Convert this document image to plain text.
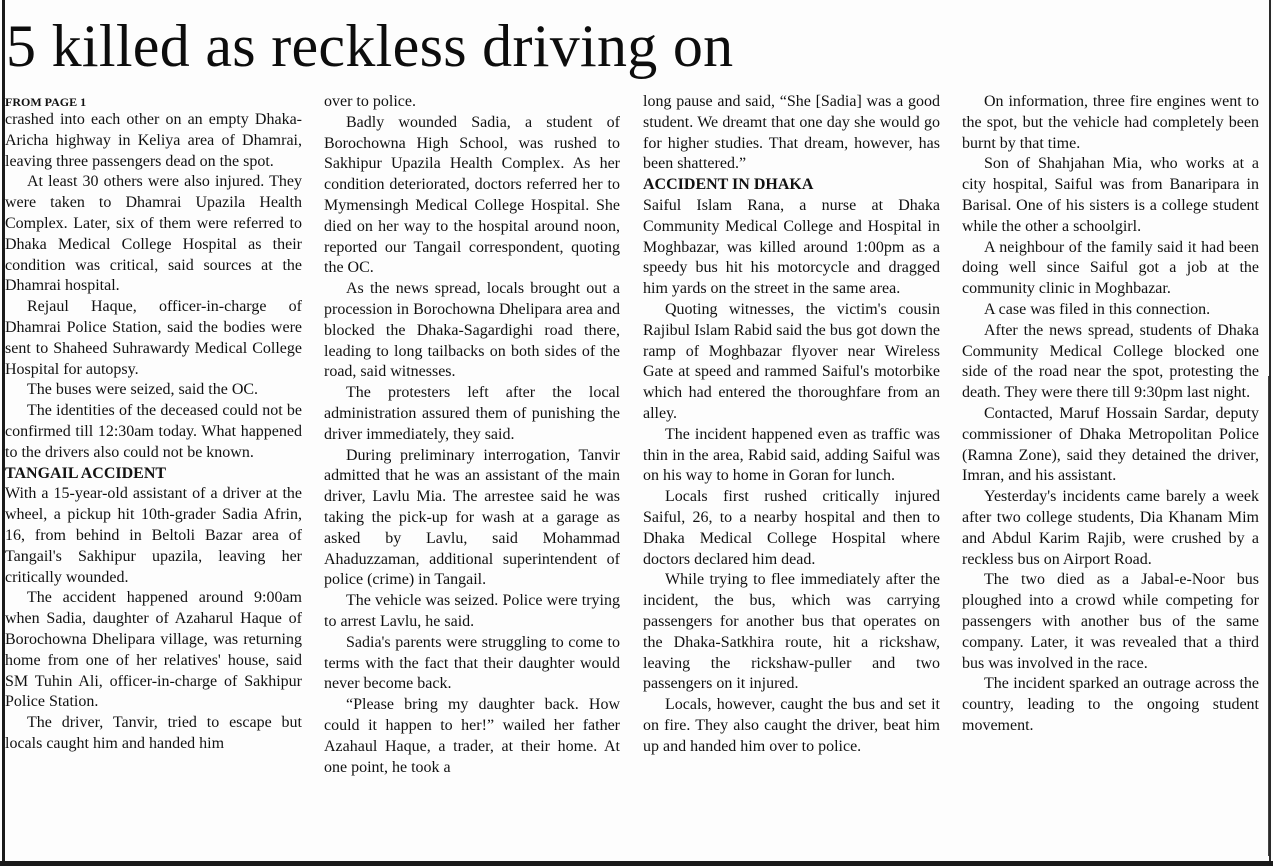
5 killed as reckless driving on
FROM PAGE 1

crashed into each other on an empty Dhaka-Aricha highway in Keliya area of Dhamrai, leaving three passengers dead on the spot.

At least 30 others were also injured. They were taken to Dhamrai Upazila Health Complex. Later, six of them were referred to Dhaka Medical College Hospital as their condition was critical, said sources at the Dhamrai hospital.

Rejaul Haque, officer-in-charge of Dhamrai Police Station, said the bodies were sent to Shaheed Suhrawardy Medical College Hospital for autopsy.

The buses were seized, said the OC.

The identities of the deceased could not be confirmed till 12:30am today. What happened to the drivers also could not be known.

TANGAIL ACCIDENT

With a 15-year-old assistant of a driver at the wheel, a pickup hit 10th-grader Sadia Afrin, 16, from behind in Beltoli Bazar area of Tangail's Sakhipur upazila, leaving her critically wounded.

The accident happened around 9:00am when Sadia, daughter of Azaharul Haque of Borochowna Dhelipara village, was returning home from one of her relatives' house, said SM Tuhin Ali, officer-in-charge of Sakhipur Police Station.

The driver, Tanvir, tried to escape but locals caught him and handed him

over to police.

Badly wounded Sadia, a student of Borochowna High School, was rushed to Sakhipur Upazila Health Complex. As her condition deteriorated, doctors referred her to Mymensingh Medical College Hospital. She died on her way to the hospital around noon, reported our Tangail correspondent, quoting the OC.

As the news spread, locals brought out a procession in Borochowna Dhelipara area and blocked the Dhaka-Sagardighi road there, leading to long tailbacks on both sides of the road, said witnesses.

The protesters left after the local administration assured them of punishing the driver immediately, they said.

During preliminary interrogation, Tanvir admitted that he was an assistant of the main driver, Lavlu Mia. The arrestee said he was taking the pick-up for wash at a garage as asked by Lavlu, said Mohammad Ahaduzzaman, additional superintendent of police (crime) in Tangail.

The vehicle was seized. Police were trying to arrest Lavlu, he said.

Sadia's parents were struggling to come to terms with the fact that their daughter would never become back.

“Please bring my daughter back. How could it happen to her!” wailed her father Azahaul Haque, a trader, at their home. At one point, he took a

long pause and said, “She [Sadia] was a good student. We dreamt that one day she would go for higher studies. That dream, however, has been shattered.”

ACCIDENT IN DHAKA

Saiful Islam Rana, a nurse at Dhaka Community Medical College and Hospital in Moghbazar, was killed around 1:00pm as a speedy bus hit his motorcycle and dragged him yards on the street in the same area.

Quoting witnesses, the victim's cousin Rajibul Islam Rabid said the bus got down the ramp of Moghbazar flyover near Wireless Gate at speed and rammed Saiful's motorbike which had entered the thoroughfare from an alley.

The incident happened even as traffic was thin in the area, Rabid said, adding Saiful was on his way to home in Goran for lunch.

Locals first rushed critically injured Saiful, 26, to a nearby hospital and then to Dhaka Medical College Hospital where doctors declared him dead.

While trying to flee immediately after the incident, the bus, which was carrying passengers for another bus that operates on the Dhaka-Satkhira route, hit a rickshaw, leaving the rickshaw-puller and two passengers on it injured.

Locals, however, caught the bus and set it on fire. They also caught the driver, beat him up and handed him over to police.

On information, three fire engines went to the spot, but the vehicle had completely been burnt by that time.

Son of Shahjahan Mia, who works at a city hospital, Saiful was from Banaripara in Barisal. One of his sisters is a college student while the other a schoolgirl.

A neighbour of the family said it had been doing well since Saiful got a job at the community clinic in Moghbazar.

A case was filed in this connection.

After the news spread, students of Dhaka Community Medical College blocked one side of the road near the spot, protesting the death. They were there till 9:30pm last night.

Contacted, Maruf Hossain Sardar, deputy commissioner of Dhaka Metropolitan Police (Ramna Zone), said they detained the driver, Imran, and his assistant.

Yesterday's incidents came barely a week after two college students, Dia Khanam Mim and Abdul Karim Rajib, were crushed by a reckless bus on Airport Road.

The two died as a Jabal-e-Noor bus ploughed into a crowd while competing for passengers with another bus of the same company. Later, it was revealed that a third bus was involved in the race.

The incident sparked an outrage across the country, leading to the ongoing student movement.
